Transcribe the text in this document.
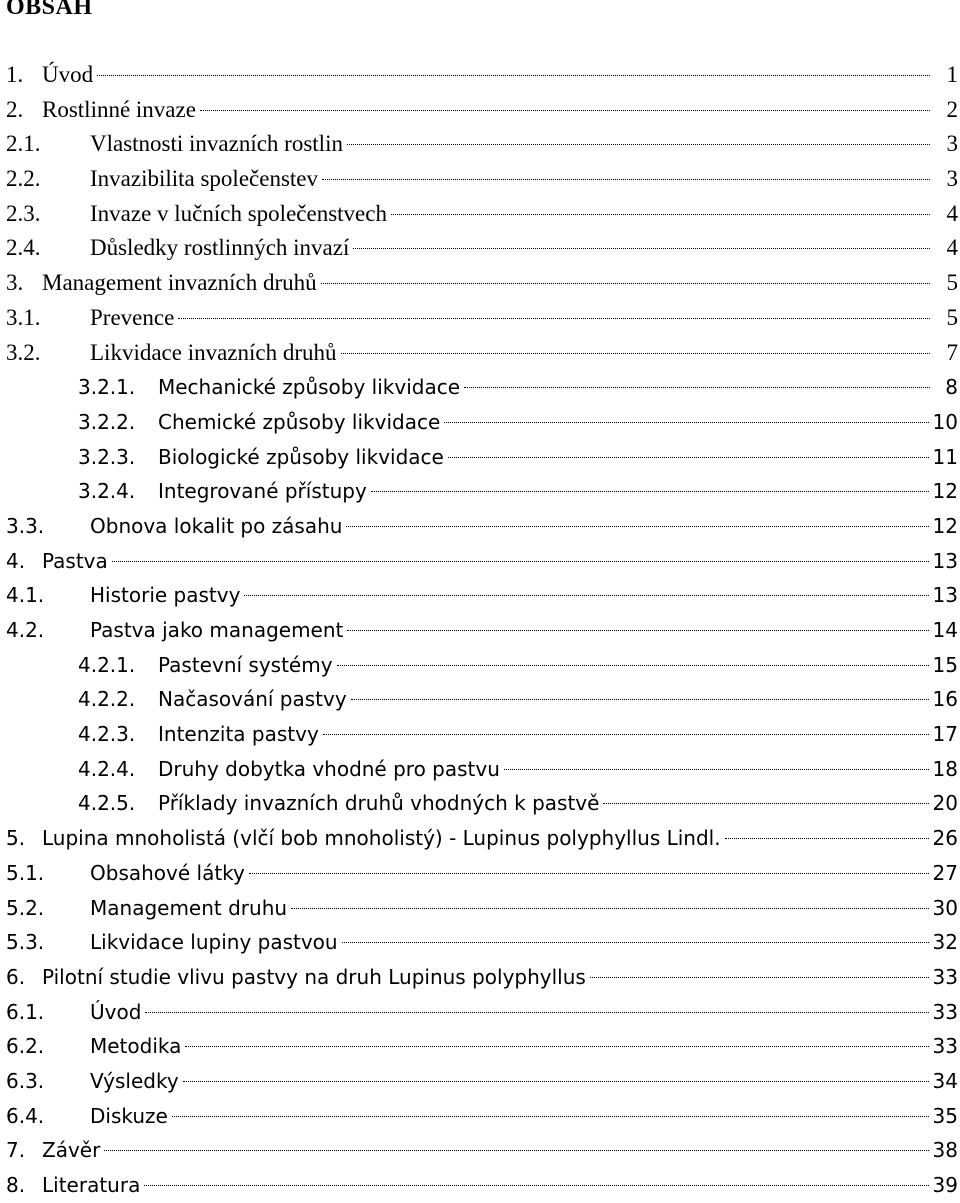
OBSAH
1. Úvod	1
2. Rostlinné invaze	2
2.1.	Vlastnosti invazních rostlin	3
2.2.	Invazibilita společenstev	3
2.3.	Invaze v lučních společenstvech	4
2.4.	Důsledky rostlinných invazí	4
3. Management invazních druhů	5
3.1.	Prevence	5
3.2.	Likvidace invazních druhů	7
3.2.1.	Mechanické způsoby likvidace	8
3.2.2.	Chemické způsoby likvidace	10
3.2.3.	Biologické způsoby likvidace	11
3.2.4.	Integrované přístupy	12
3.3.	Obnova lokalit po zásahu	12
4. Pastva	13
4.1.	Historie pastvy	13
4.2.	Pastva jako management	14
4.2.1.	Pastevní systémy	15
4.2.2.	Načasování pastvy	16
4.2.3.	Intenzita pastvy	17
4.2.4.	Druhy dobytka vhodné pro pastvu	18
4.2.5.	Příklady invazních druhů vhodných k pastvě	20
5. Lupina mnoholistá (vlčí bob mnoholistý) - Lupinus polyphyllus Lindl.	26
5.1.	Obsahové látky	27
5.2.	Management druhu	30
5.3.	Likvidace lupiny pastvou	32
6. Pilotní studie vlivu pastvy na druh Lupinus polyphyllus	33
6.1.	Úvod	33
6.2.	Metodika	33
6.3.	Výsledky	34
6.4.	Diskuze	35
7. Závěr	38
8. Literatura	39
